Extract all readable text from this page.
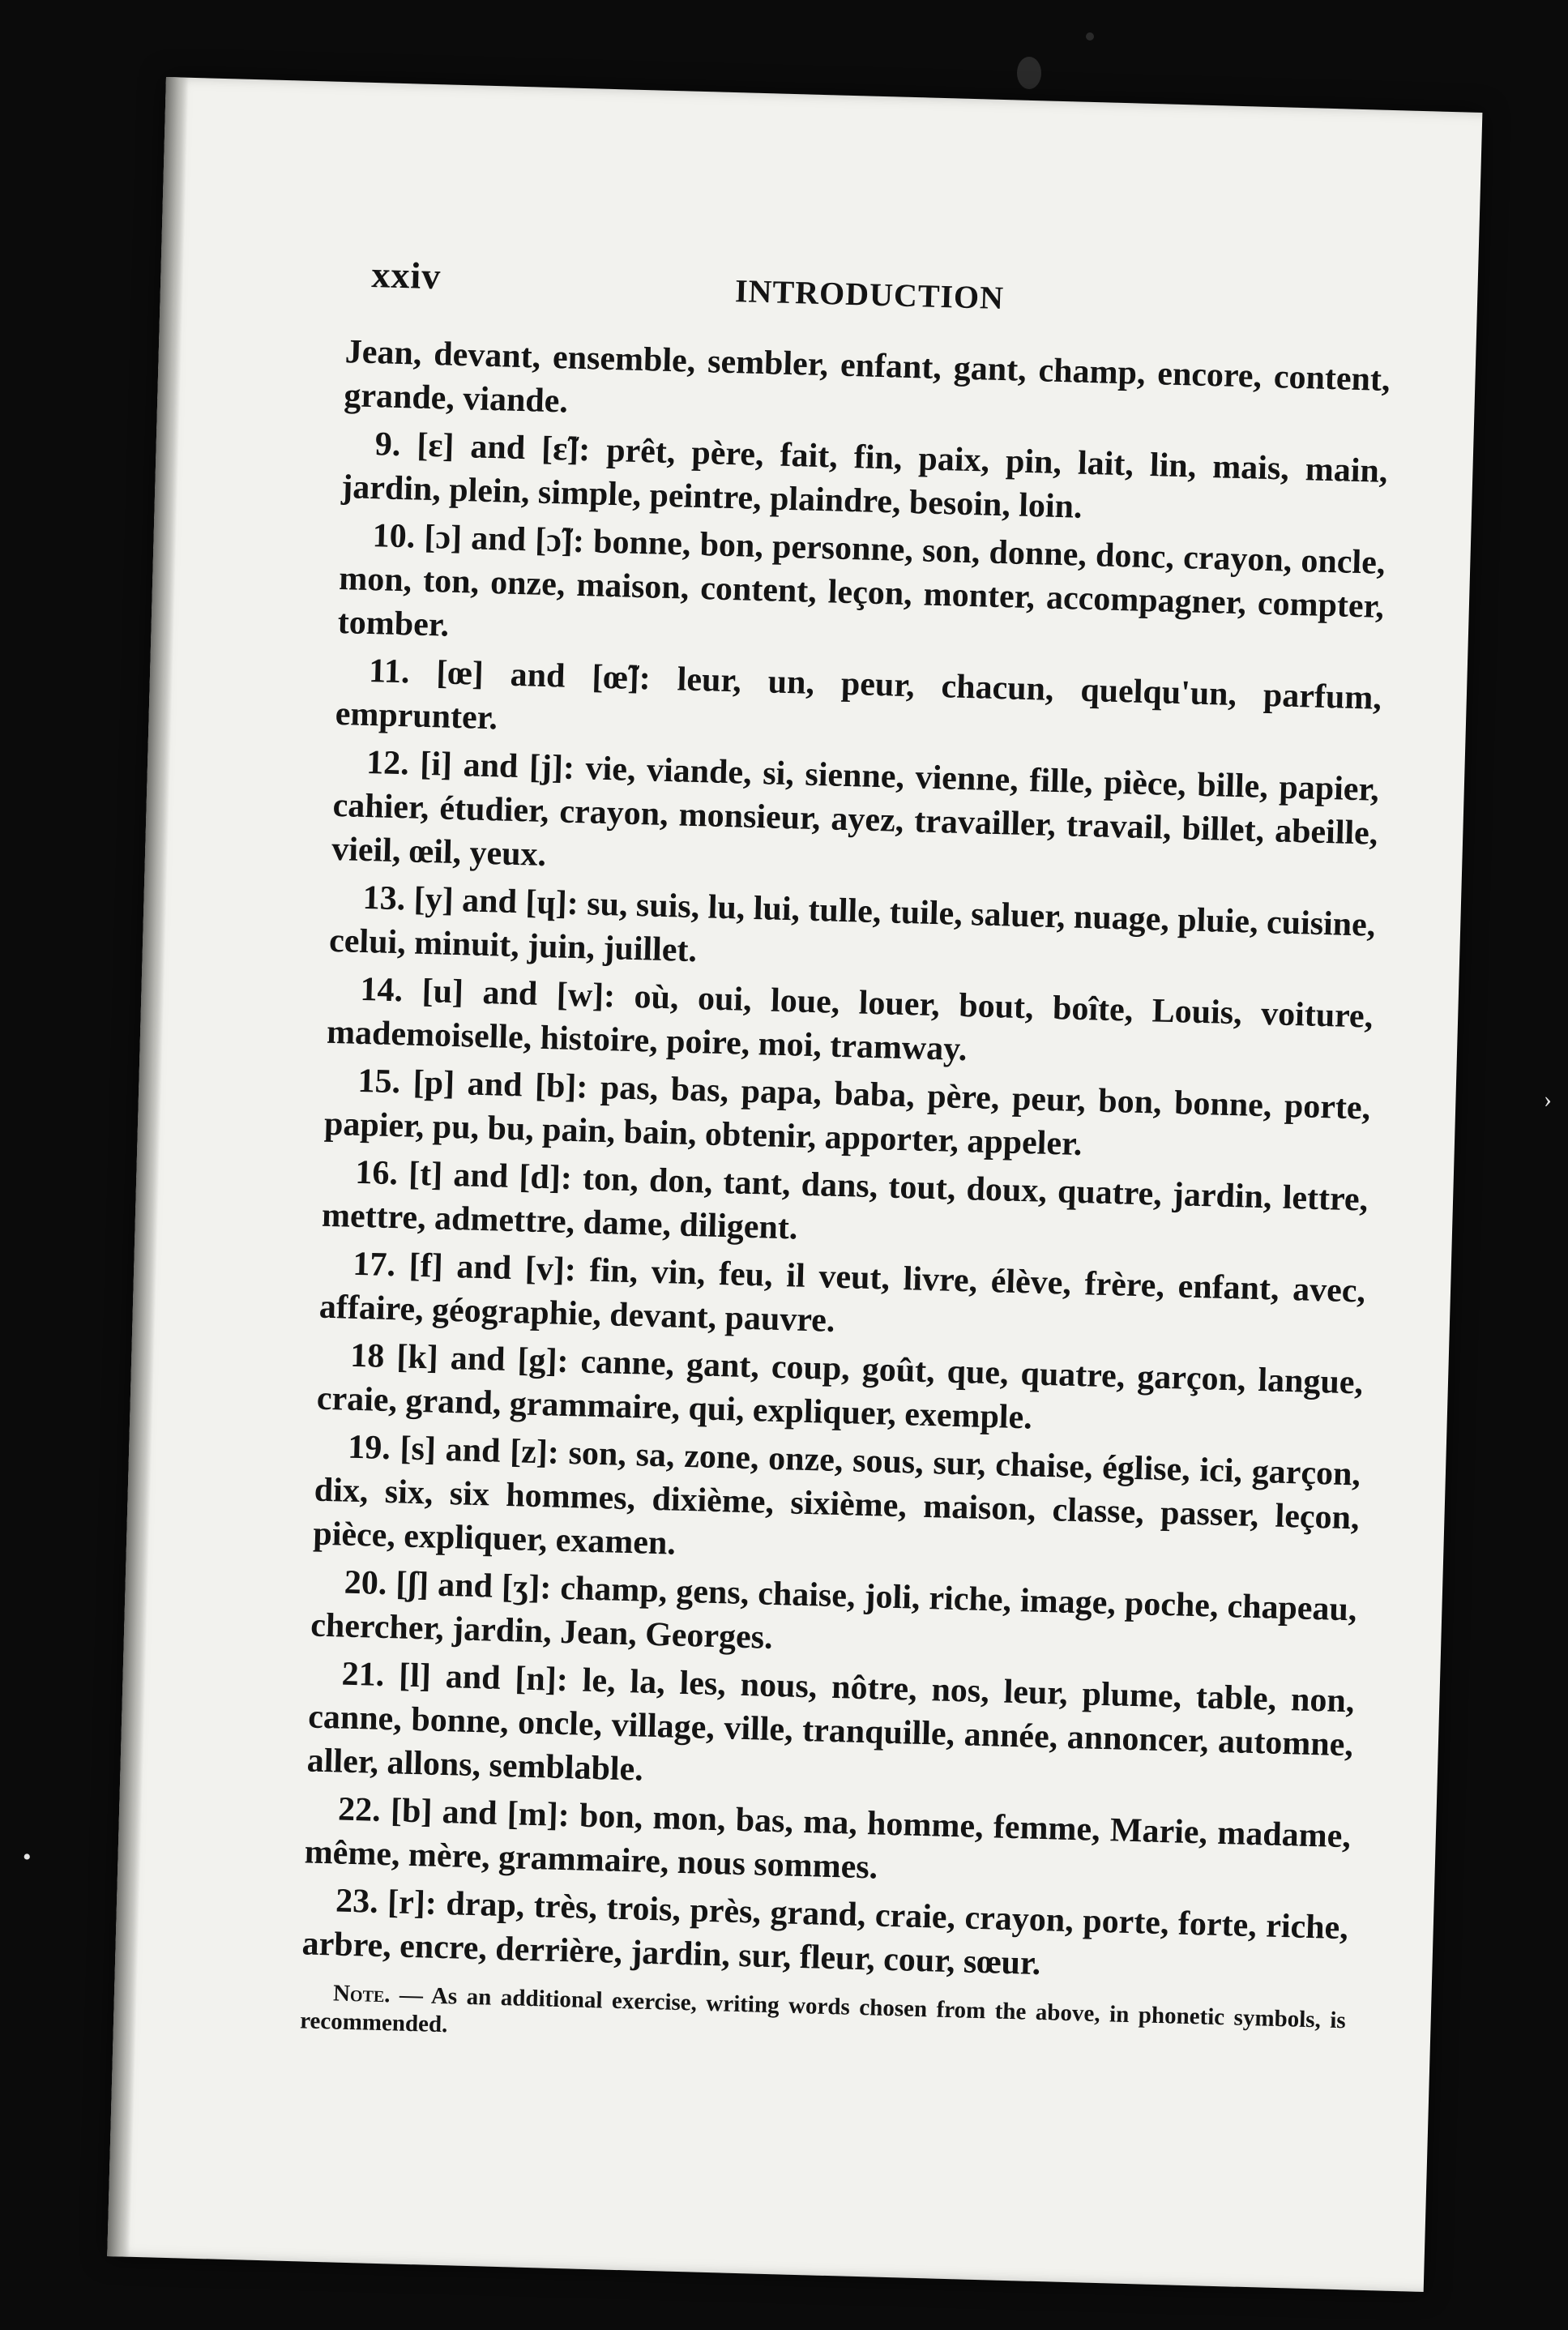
xxiv	INTRODUCTION

Jean, devant, ensemble, sembler, enfant, gant, champ, encore, content, grande, viande.

9. [ɛ] and [ɛ̃]: prêt, père, fait, fin, paix, pin, lait, lin, mais, main, jardin, plein, simple, peintre, plaindre, besoin, loin.

10. [ɔ] and [ɔ̃]: bonne, bon, personne, son, donne, donc, crayon, oncle, mon, ton, onze, maison, content, leçon, monter, accompagner, compter, tomber.

11. [œ] and [œ̃]: leur, un, peur, chacun, quelqu'un, parfum, emprunter.

12. [i] and [j]: vie, viande, si, sienne, vienne, fille, pièce, bille, papier, cahier, étudier, crayon, monsieur, ayez, travailler, travail, billet, abeille, vieil, œil, yeux.

13. [y] and [ɥ]: su, suis, lu, lui, tulle, tuile, saluer, nuage, pluie, cuisine, celui, minuit, juin, juillet.

14. [u] and [w]: où, oui, loue, louer, bout, boîte, Louis, voiture, mademoiselle, histoire, poire, moi, tramway.

15. [p] and [b]: pas, bas, papa, baba, père, peur, bon, bonne, porte, papier, pu, bu, pain, bain, obtenir, apporter, appeler.

16. [t] and [d]: ton, don, tant, dans, tout, doux, quatre, jardin, lettre, mettre, admettre, dame, diligent.

17. [f] and [v]: fin, vin, feu, il veut, livre, élève, frère, enfant, avec, affaire, géographie, devant, pauvre.

18 [k] and [g]: canne, gant, coup, goût, que, quatre, garçon, langue, craie, grand, grammaire, qui, expliquer, exemple.

19. [s] and [z]: son, sa, zone, onze, sous, sur, chaise, église, ici, garçon, dix, six, six hommes, dixième, sixième, maison, classe, passer, leçon, pièce, expliquer, examen.

20. [ʃ] and [ʒ]: champ, gens, chaise, joli, riche, image, poche, chapeau, chercher, jardin, Jean, Georges.

21. [l] and [n]: le, la, les, nous, nôtre, nos, leur, plume, table, non, canne, bonne, oncle, village, ville, tranquille, année, annoncer, automne, aller, allons, semblable.

22. [b] and [m]: bon, mon, bas, ma, homme, femme, Marie, madame, même, mère, grammaire, nous sommes.

23. [r]: drap, très, trois, près, grand, craie, crayon, porte, forte, riche, arbre, encre, derrière, jardin, sur, fleur, cour, sœur.

Note. — As an additional exercise, writing words chosen from the above, in phonetic symbols, is recommended.

›
•
